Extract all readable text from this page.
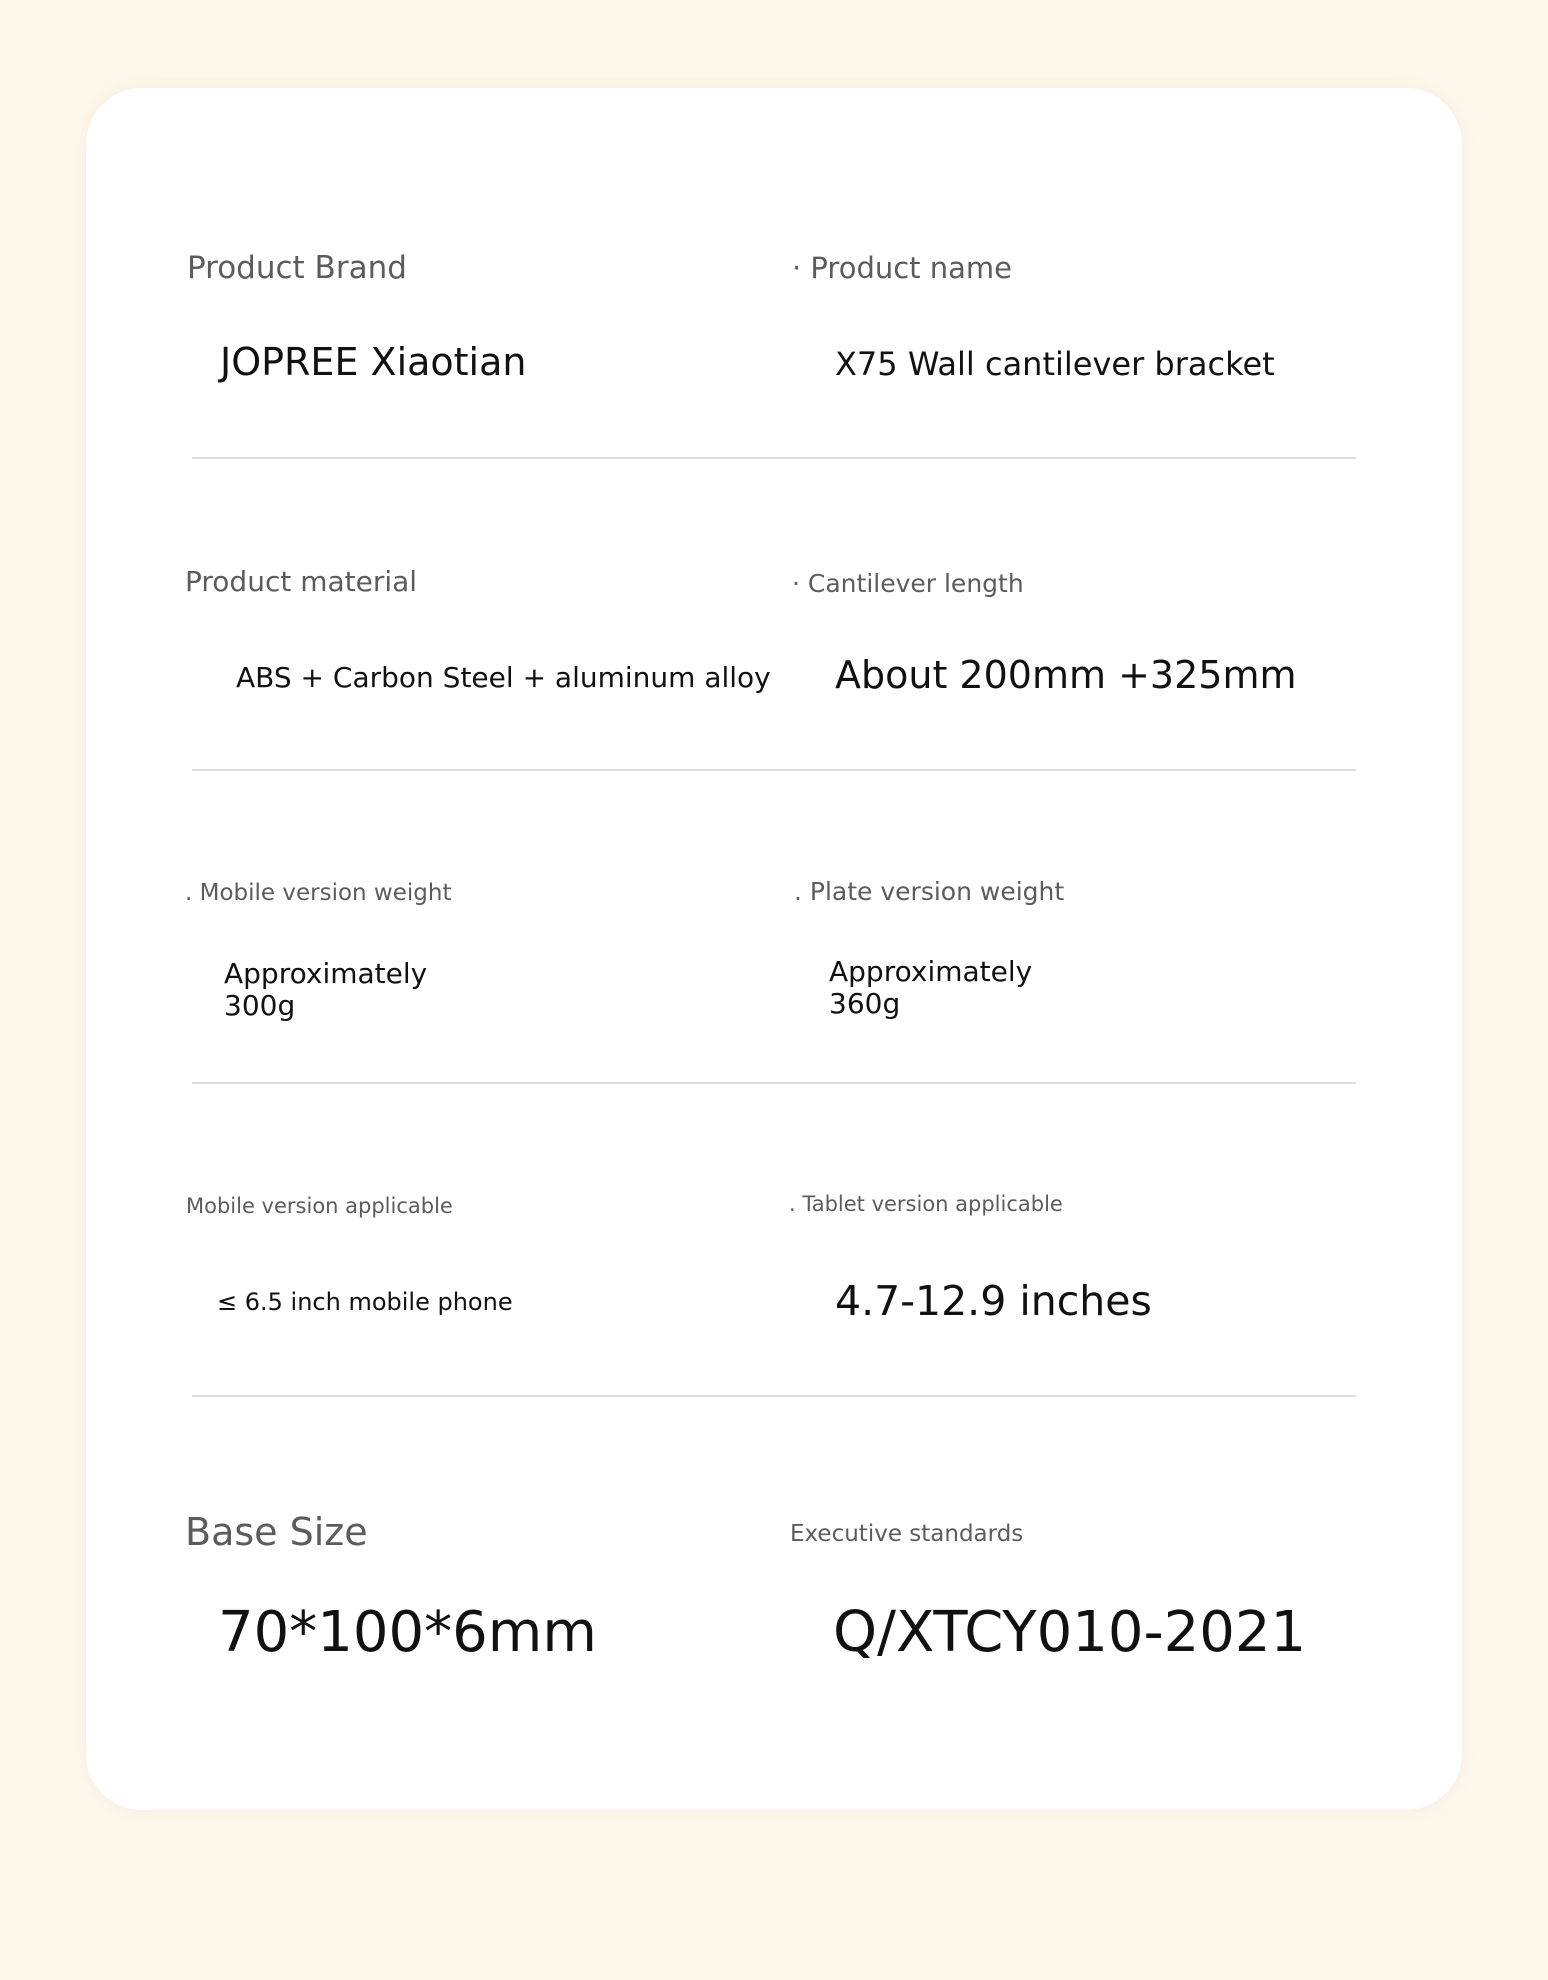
Product Brand
JOPREE Xiaotian
· Product name
X75 Wall cantilever bracket
Product material
ABS + Carbon Steel + aluminum alloy
· Cantilever length
About 200mm +325mm
. Mobile version weight
Approximately
300g
. Plate version weight
Approximately
360g
Mobile version applicable
≤ 6.5 inch mobile phone
. Tablet version applicable
4.7-12.9 inches
Base Size
70*100*6mm
Executive standards
Q/XTCY010-2021
